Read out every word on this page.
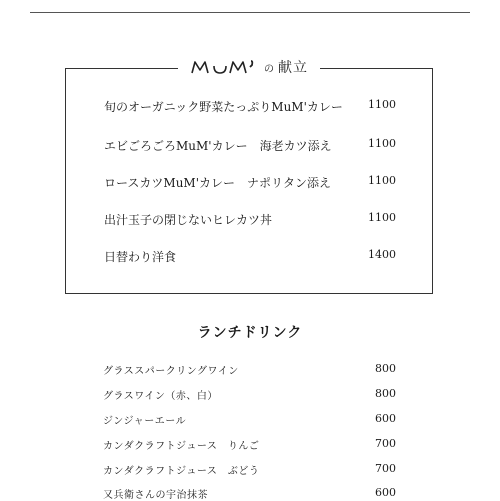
の 献立
旬のオーガニック野菜たっぷりMuM'カレー 1100
エビごろごろMuM'カレー　海老カツ添え	1100
ロースカツMuM'カレー　ナポリタン添え	1100
出汁玉子の閉じないヒレカツ丼	1100
日替わり洋食	1400
ランチドリンク
グラススパークリングワイン	800
グラスワイン（赤、白）	800
ジンジャーエール	600
カンダクラフトジュース　りんご	700
カンダクラフトジュース　ぶどう	700
又兵衛さんの宇治抹茶	600
